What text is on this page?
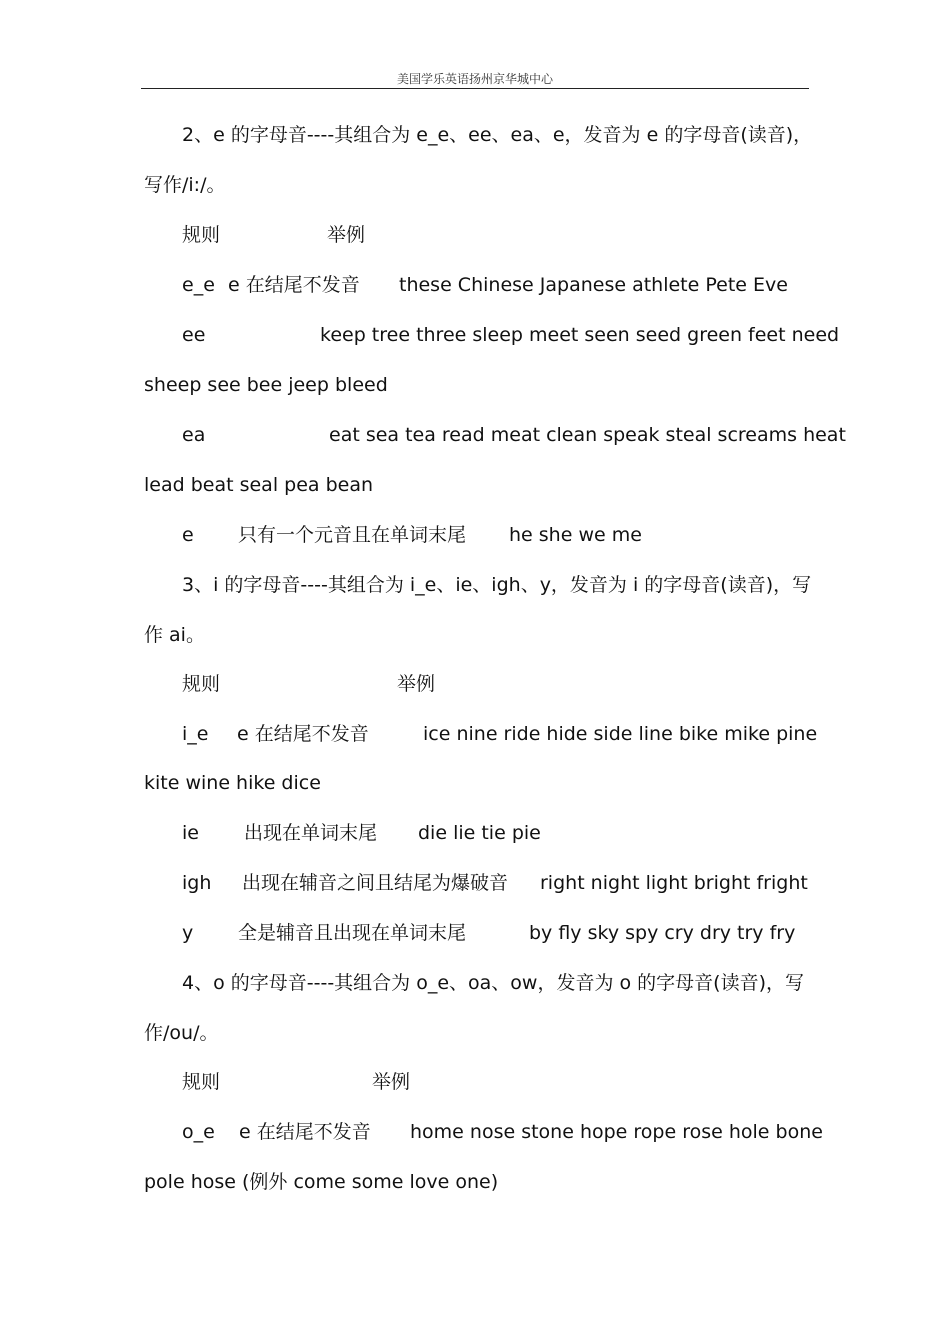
美国学乐英语扬州京华城中心
2、e 的字母音----其组合为 e_e、ee、ea、e，发音为 e 的字母音(读音)，
写作/i:/。
规则	举例
e_e e 在结尾不发音 these Chinese Japanese athlete Pete Eve
ee	keep tree three sleep meet seen seed green feet need
sheep see bee jeep bleed
ea	eat sea tea read meat clean speak steal screams heat
lead beat seal pea bean
e 只有一个元音且在单词末尾 he she we me
3、i 的字母音----其组合为 i_e、ie、igh、y，发音为 i 的字母音(读音)，写
作 ai。
规则	举例
i_e e 在结尾不发音	ice nine ride hide side line bike mike pine
kite wine hike dice
ie 出现在单词末尾 die lie tie pie
igh 出现在辅音之间且结尾为爆破音 right night light bright fright
y 全是辅音且出现在单词末尾	by fly sky spy cry dry try fry
4、o 的字母音----其组合为 o_e、oa、ow，发音为 o 的字母音(读音)，写
作/ou/。
规则	举例
o_e e 在结尾不发音 home nose stone hope rope rose hole bone
pole hose (例外 come some love one)
